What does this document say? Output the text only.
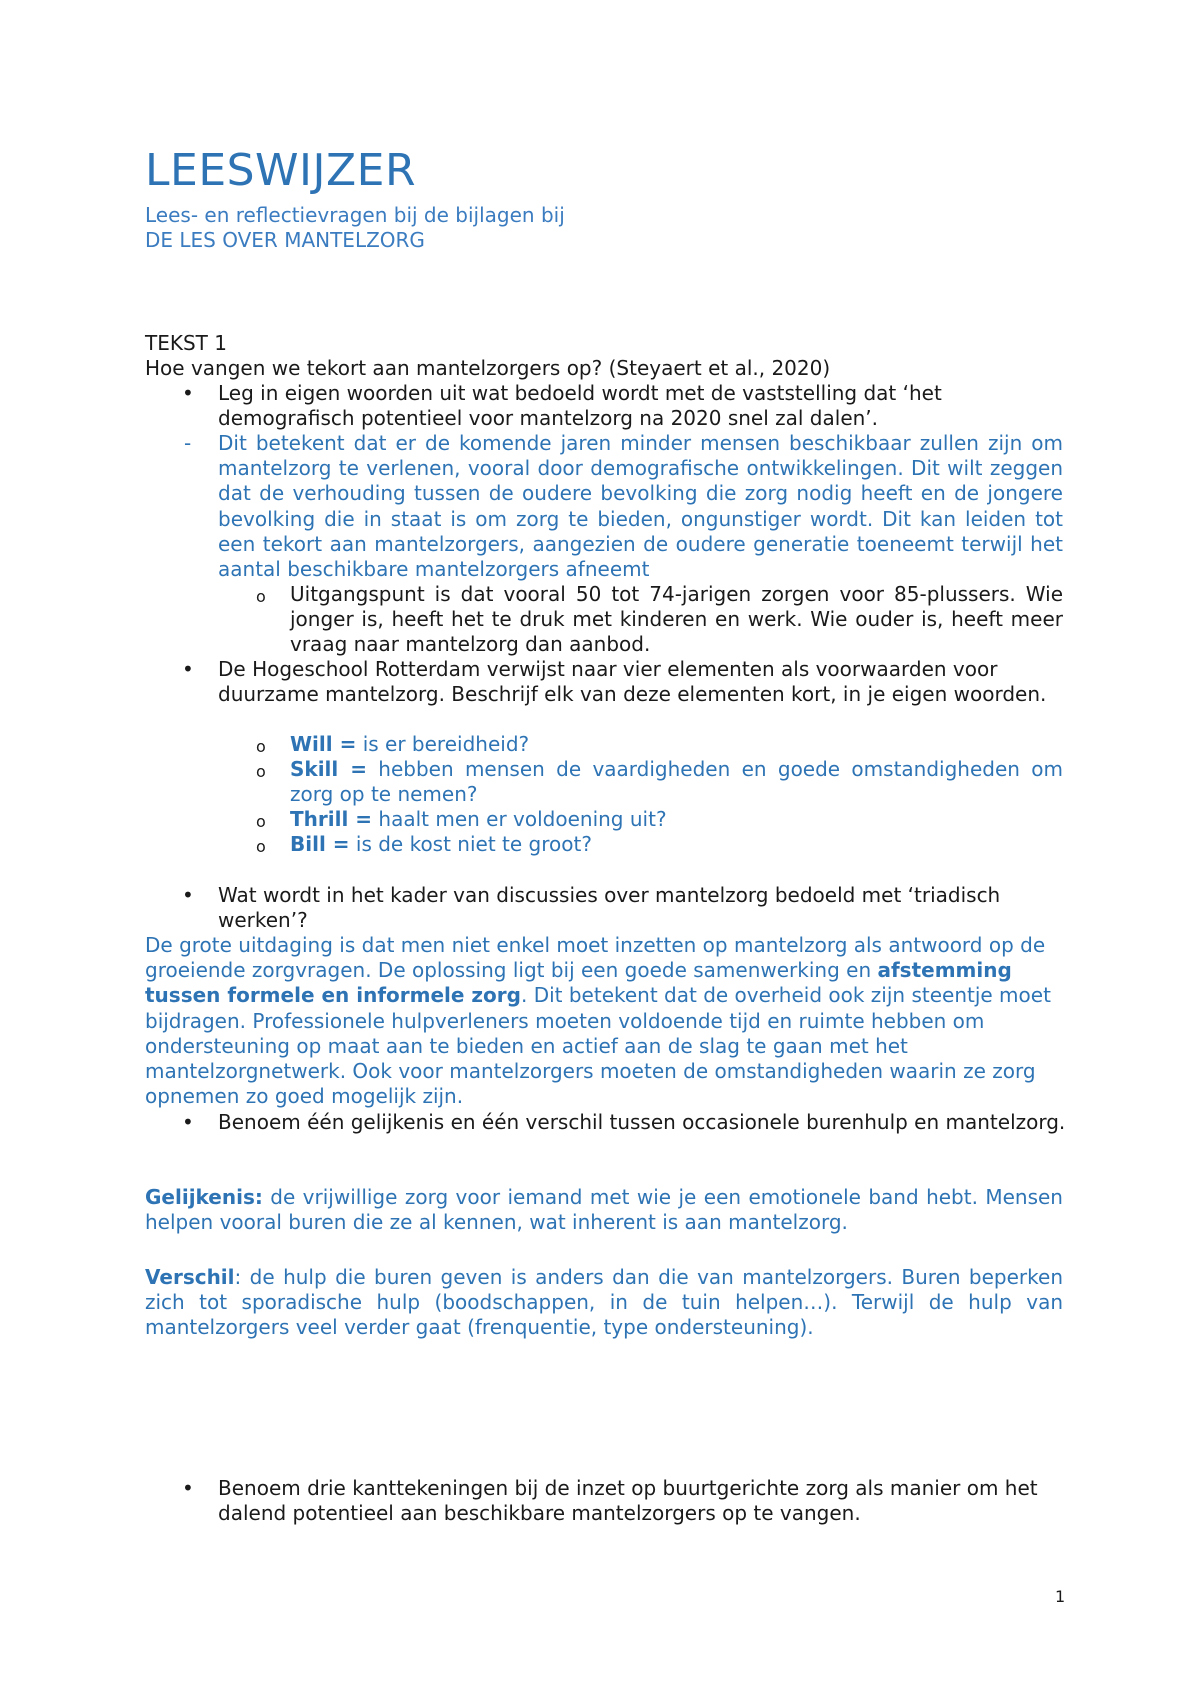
LEESWIJZER
Lees- en reflectievragen bij de bijlagen bij
DE LES OVER MANTELZORG
TEKST 1
Hoe vangen we tekort aan mantelzorgers op? (Steyaert et al., 2020)
• Leg in eigen woorden uit wat bedoeld wordt met de vaststelling dat ‘het demografisch potentieel voor mantelzorg na 2020 snel zal dalen’.
- Dit betekent dat er de komende jaren minder mensen beschikbaar zullen zijn om mantelzorg te verlenen, vooral door demografische ontwikkelingen. Dit wilt zeggen dat de verhouding tussen de oudere bevolking die zorg nodig heeft en de jongere bevolking die in staat is om zorg te bieden, ongunstiger wordt. Dit kan leiden tot een tekort aan mantelzorgers, aangezien de oudere generatie toeneemt terwijl het aantal beschikbare mantelzorgers afneemt
o Uitgangspunt is dat vooral 50 tot 74-jarigen zorgen voor 85-plussers. Wie jonger is, heeft het te druk met kinderen en werk. Wie ouder is, heeft meer vraag naar mantelzorg dan aanbod.
• De Hogeschool Rotterdam verwijst naar vier elementen als voorwaarden voor duurzame mantelzorg. Beschrijf elk van deze elementen kort, in je eigen woorden.
o Will = is er bereidheid?
o Skill = hebben mensen de vaardigheden en goede omstandigheden om zorg op te nemen?
o Thrill = haalt men er voldoening uit?
o Bill = is de kost niet te groot?
• Wat wordt in het kader van discussies over mantelzorg bedoeld met ‘triadisch werken’?
De grote uitdaging is dat men niet enkel moet inzetten op mantelzorg als antwoord op de groeiende zorgvragen. De oplossing ligt bij een goede samenwerking en afstemming tussen formele en informele zorg. Dit betekent dat de overheid ook zijn steentje moet bijdragen. Professionele hulpverleners moeten voldoende tijd en ruimte hebben om ondersteuning op maat aan te bieden en actief aan de slag te gaan met het mantelzorgnetwerk. Ook voor mantelzorgers moeten de omstandigheden waarin ze zorg opnemen zo goed mogelijk zijn.
• Benoem één gelijkenis en één verschil tussen occasionele burenhulp en mantelzorg.
Gelijkenis: de vrijwillige zorg voor iemand met wie je een emotionele band hebt. Mensen helpen vooral buren die ze al kennen, wat inherent is aan mantelzorg.
Verschil: de hulp die buren geven is anders dan die van mantelzorgers. Buren beperken zich tot sporadische hulp (boodschappen, in de tuin helpen…). Terwijl de hulp van mantelzorgers veel verder gaat (frenquentie, type ondersteuning).
• Benoem drie kanttekeningen bij de inzet op buurtgerichte zorg als manier om het dalend potentieel aan beschikbare mantelzorgers op te vangen.
1
